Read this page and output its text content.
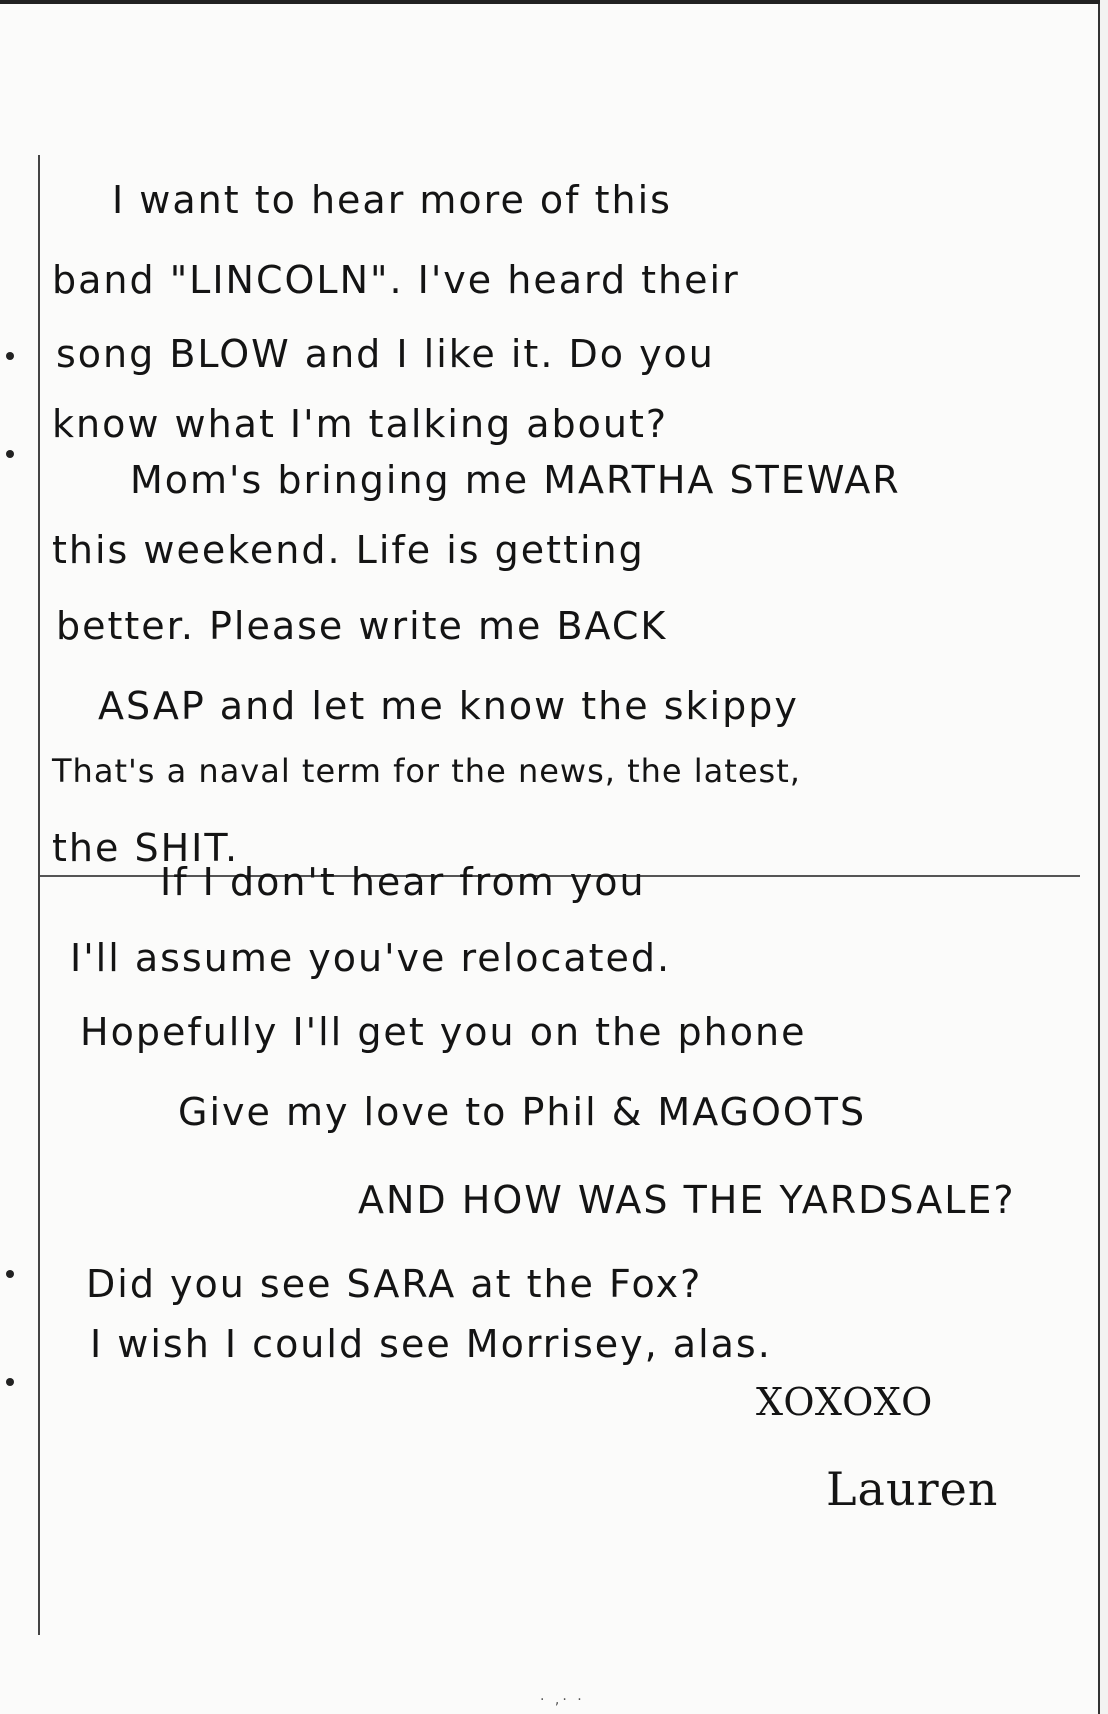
I want to hear more of this

band "LINCOLN". I've heard their

song BLOW and I like it. Do you

know what I'm talking about?

Mom's bringing me MARTHA STEWAR

this weekend. Life is getting

better. Please write me BACK

ASAP and let me know the skippy

That's a naval term for the news, the latest,

the SHIT.

If I don't hear from you

I'll assume you've relocated.

Hopefully I'll get you on the phone

Give my love to Phil & MAGOOTS

AND HOW WAS THE YARDSALE?

Did you see SARA at the Fox?

I wish I could see Morrisey, alas.

XOXOXO

Lauren

· ,· ·
